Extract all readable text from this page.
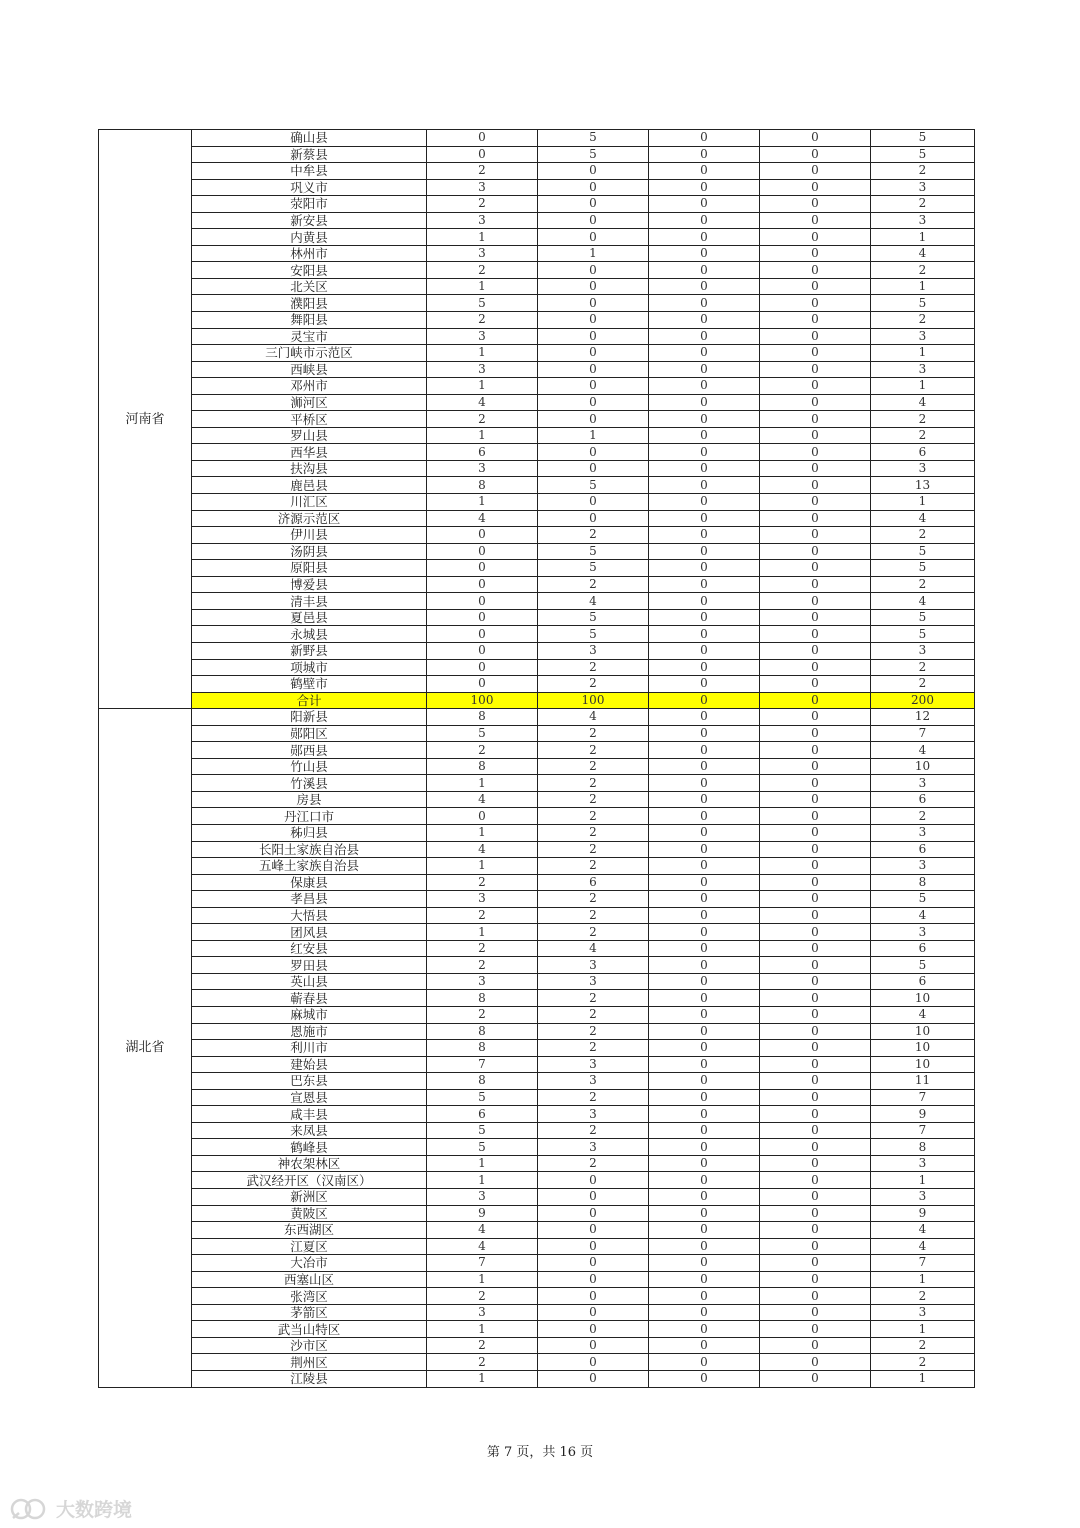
河南省	确山县	0	5	0	0	5
	新蔡县	0	5	0	0	5
	中牟县	2	0	0	0	2
	巩义市	3	0	0	0	3
	荥阳市	2	0	0	0	2
	新安县	3	0	0	0	3
	内黄县	1	0	0	0	1
	林州市	3	1	0	0	4
	安阳县	2	0	0	0	2
	北关区	1	0	0	0	1
	濮阳县	5	0	0	0	5
	舞阳县	2	0	0	0	2
	灵宝市	3	0	0	0	3
	三门峡市示范区	1	0	0	0	1
	西峡县	3	0	0	0	3
	邓州市	1	0	0	0	1
	浉河区	4	0	0	0	4
	平桥区	2	0	0	0	2
	罗山县	1	1	0	0	2
	西华县	6	0	0	0	6
	扶沟县	3	0	0	0	3
	鹿邑县	8	5	0	0	13
	川汇区	1	0	0	0	1
	济源示范区	4	0	0	0	4
	伊川县	0	2	0	0	2
	汤阴县	0	5	0	0	5
	原阳县	0	5	0	0	5
	博爱县	0	2	0	0	2
	清丰县	0	4	0	0	4
	夏邑县	0	5	0	0	5
	永城县	0	5	0	0	5
	新野县	0	3	0	0	3
	项城市	0	2	0	0	2
	鹤壁市	0	2	0	0	2
	合计	100	100	0	0	200
湖北省	阳新县	8	4	0	0	12
	郧阳区	5	2	0	0	7
	郧西县	2	2	0	0	4
	竹山县	8	2	0	0	10
	竹溪县	1	2	0	0	3
	房县	4	2	0	0	6
	丹江口市	0	2	0	0	2
	秭归县	1	2	0	0	3
	长阳土家族自治县	4	2	0	0	6
	五峰土家族自治县	1	2	0	0	3
	保康县	2	6	0	0	8
	孝昌县	3	2	0	0	5
	大悟县	2	2	0	0	4
	团风县	1	2	0	0	3
	红安县	2	4	0	0	6
	罗田县	2	3	0	0	5
	英山县	3	3	0	0	6
	蕲春县	8	2	0	0	10
	麻城市	2	2	0	0	4
	恩施市	8	2	0	0	10
	利川市	8	2	0	0	10
	建始县	7	3	0	0	10
	巴东县	8	3	0	0	11
	宣恩县	5	2	0	0	7
	咸丰县	6	3	0	0	9
	来凤县	5	2	0	0	7
	鹤峰县	5	3	0	0	8
	神农架林区	1	2	0	0	3
	武汉经开区（汉南区）	1	0	0	0	1
	新洲区	3	0	0	0	3
	黄陂区	9	0	0	0	9
	东西湖区	4	0	0	0	4
	江夏区	4	0	0	0	4
	大冶市	7	0	0	0	7
	西塞山区	1	0	0	0	1
	张湾区	2	0	0	0	2
	茅箭区	3	0	0	0	3
	武当山特区	1	0	0	0	1
	沙市区	2	0	0	0	2
	荆州区	2	0	0	0	2
	江陵县	1	0	0	0	1
第 7 页，共 16 页
大数跨境
